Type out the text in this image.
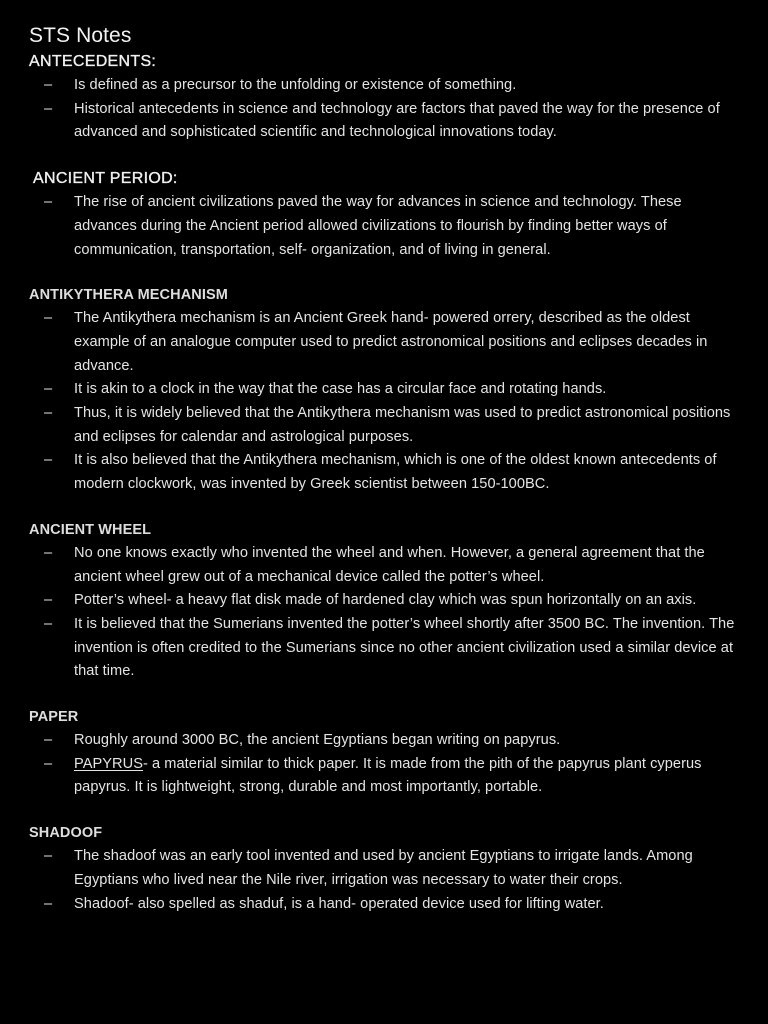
STS Notes
ANTECEDENTS:
– Is defined as a precursor to the unfolding or existence of something.
– Historical antecedents in science and technology are factors that paved the way for the presence of advanced and sophisticated scientific and technological innovations today.
ANCIENT PERIOD:
– The rise of ancient civilizations paved the way for advances in science and technology. These advances during the Ancient period allowed civilizations to flourish by finding better ways of communication, transportation, self- organization, and of living in general.
ANTIKYTHERA MECHANISM
– The Antikythera mechanism is an Ancient Greek hand- powered orrery, described as the oldest example of an analogue computer used to predict astronomical positions and eclipses decades in advance.
– It is akin to a clock in the way that the case has a circular face and rotating hands.
– Thus, it is widely believed that the Antikythera mechanism was used to predict astronomical positions and eclipses for calendar and astrological purposes.
– It is also believed that the Antikythera mechanism, which is one of the oldest known antecedents of modern clockwork, was invented by Greek scientist between 150-100BC.
ANCIENT WHEEL
– No one knows exactly who invented the wheel and when. However, a general agreement that the ancient wheel grew out of a mechanical device called the potter’s wheel.
– Potter’s wheel- a heavy flat disk made of hardened clay which was spun horizontally on an axis.
– It is believed that the Sumerians invented the potter’s wheel shortly after 3500 BC. The invention. The invention is often credited to the Sumerians since no other ancient civilization used a similar device at that time.
PAPER
– Roughly around 3000 BC, the ancient Egyptians began writing on papyrus.
– PAPYRUS- a material similar to thick paper. It is made from the pith of the papyrus plant cyperus papyrus. It is lightweight, strong, durable and most importantly, portable.
SHADOOF
– The shadoof was an early tool invented and used by ancient Egyptians to irrigate lands. Among Egyptians who lived near the Nile river, irrigation was necessary to water their crops.
– Shadoof- also spelled as shaduf, is a hand- operated device used for lifting water.
